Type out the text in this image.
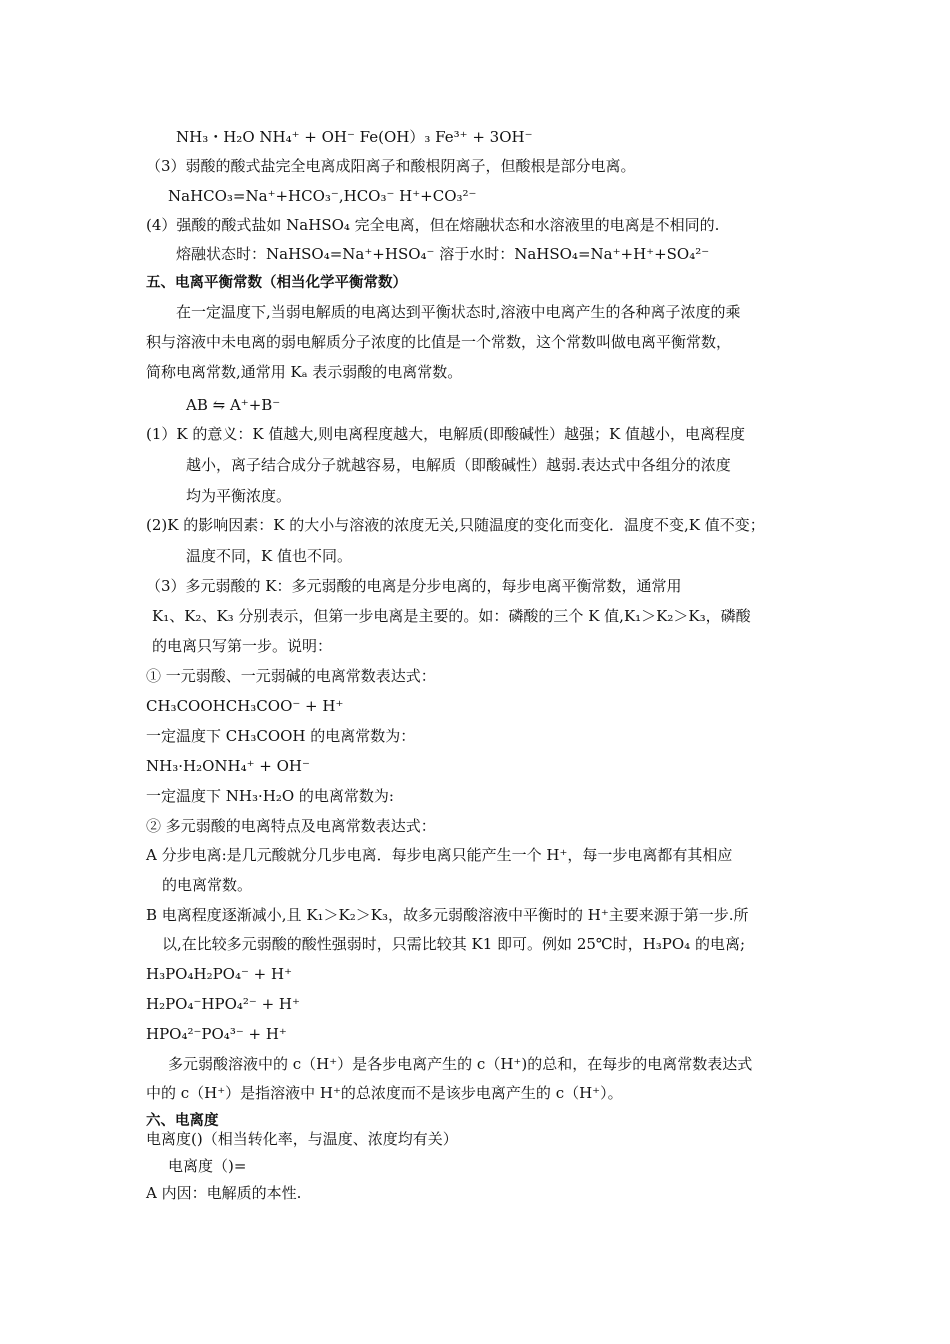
NH₃・H₂O NH₄⁺ + OH⁻ Fe(OH）₃ Fe³⁺ + 3OH⁻
（3）弱酸的酸式盐完全电离成阳离子和酸根阴离子，但酸根是部分电离。
NaHCO₃=Na⁺+HCO₃⁻,HCO₃⁻ H⁺+CO₃²⁻
(4）强酸的酸式盐如 NaHSO₄ 完全电离，但在熔融状态和水溶液里的电离是不相同的.
熔融状态时：NaHSO₄=Na⁺+HSO₄⁻ 溶于水时：NaHSO₄=Na⁺+H⁺+SO₄²⁻
五、电离平衡常数（相当化学平衡常数）
在一定温度下,当弱电解质的电离达到平衡状态时,溶液中电离产生的各种离子浓度的乘
积与溶液中未电离的弱电解质分子浓度的比值是一个常数，这个常数叫做电离平衡常数，
简称电离常数,通常用 Kₐ 表示弱酸的电离常数。
AB ⇋ A⁺+B⁻
(1）K 的意义：K 值越大,则电离程度越大，电解质(即酸碱性）越强；K 值越小，电离程度
越小，离子结合成分子就越容易，电解质（即酸碱性）越弱.表达式中各组分的浓度
均为平衡浓度。
(2)K 的影响因素：K 的大小与溶液的浓度无关,只随温度的变化而变化．温度不变,K 值不变；
温度不同，K 值也不同。
（3）多元弱酸的 K：多元弱酸的电离是分步电离的，每步电离平衡常数，通常用
K₁、K₂、K₃ 分别表示，但第一步电离是主要的。如：磷酸的三个 K 值,K₁＞K₂＞K₃，磷酸
的电离只写第一步。说明：
① 一元弱酸、一元弱碱的电离常数表达式：
CH₃COOHCH₃COO⁻ + H⁺
一定温度下 CH₃COOH 的电离常数为：
NH₃·H₂ONH₄⁺ + OH⁻
一定温度下 NH₃·H₂O 的电离常数为:
② 多元弱酸的电离特点及电离常数表达式：
A 分步电离:是几元酸就分几步电离．每步电离只能产生一个 H⁺，每一步电离都有其相应
的电离常数。
B 电离程度逐渐减小,且 K₁＞K₂＞K₃，故多元弱酸溶液中平衡时的 H⁺主要来源于第一步.所
以,在比较多元弱酸的酸性强弱时，只需比较其 K1 即可。例如 25℃时，H₃PO₄ 的电离;
H₃PO₄H₂PO₄⁻ + H⁺
H₂PO₄⁻HPO₄²⁻ + H⁺
HPO₄²⁻PO₄³⁻ + H⁺
多元弱酸溶液中的 c（H⁺）是各步电离产生的 c（H⁺)的总和，在每步的电离常数表达式
中的 c（H⁺）是指溶液中 H⁺的总浓度而不是该步电离产生的 c（H⁺）。
六、电离度
电离度()（相当转化率，与温度、浓度均有关）
电离度（)=
A 内因：电解质的本性.
